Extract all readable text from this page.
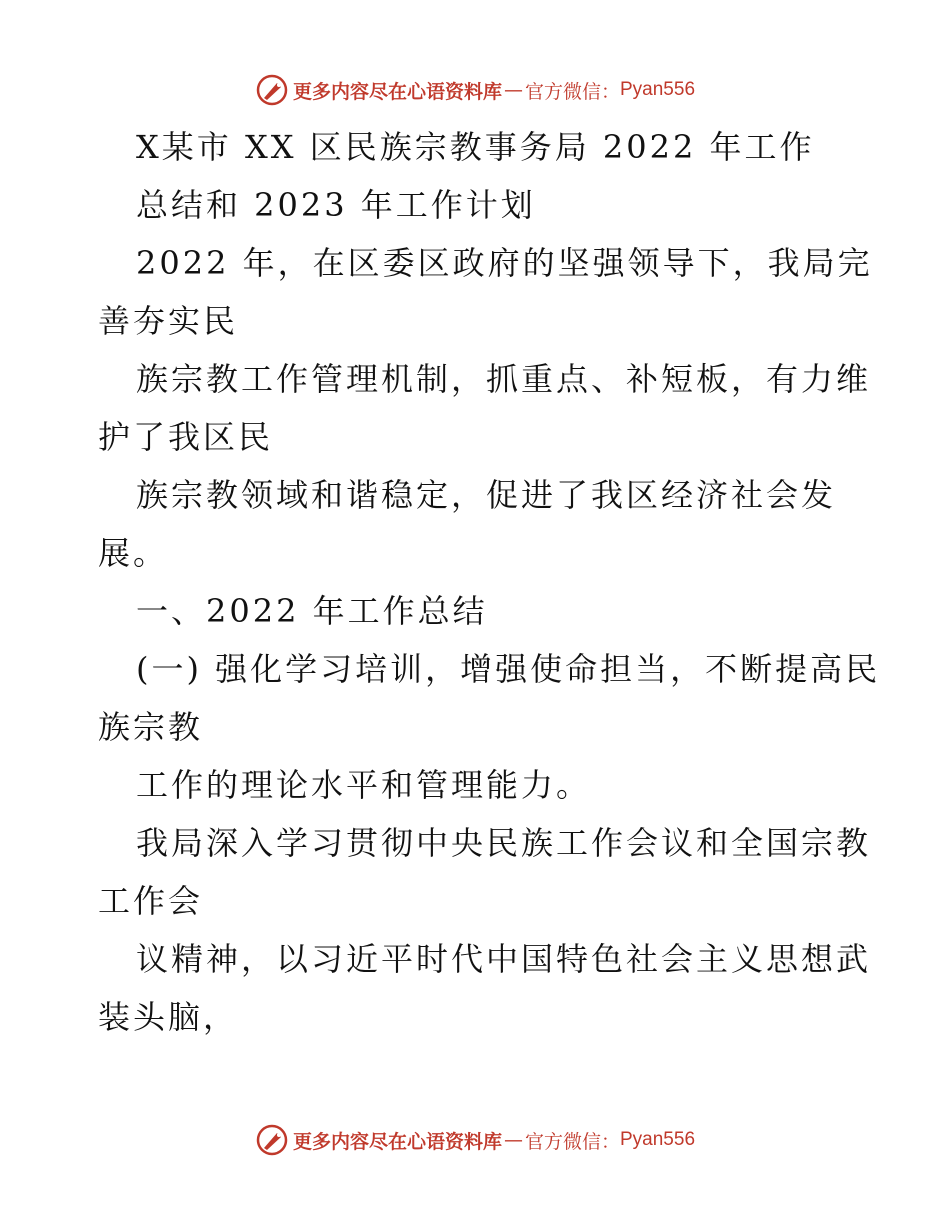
更多内容尽在心语资料库 — 官方微信： Pyan556
X某市 XX 区民族宗教事务局 2022 年工作
总结和 2023 年工作计划
2022 年，在区委区政府的坚强领导下，我局完
善夯实民
族宗教工作管理机制，抓重点、补短板，有力维
护了我区民
族宗教领域和谐稳定，促进了我区经济社会发
展。
一、2022 年工作总结
(一) 强化学习培训，增强使命担当，不断提高民
族宗教
工作的理论水平和管理能力。
我局深入学习贯彻中央民族工作会议和全国宗教
工作会
议精神，以习近平时代中国特色社会主义思想武
装头脑，
更多内容尽在心语资料库 — 官方微信： Pyan556
